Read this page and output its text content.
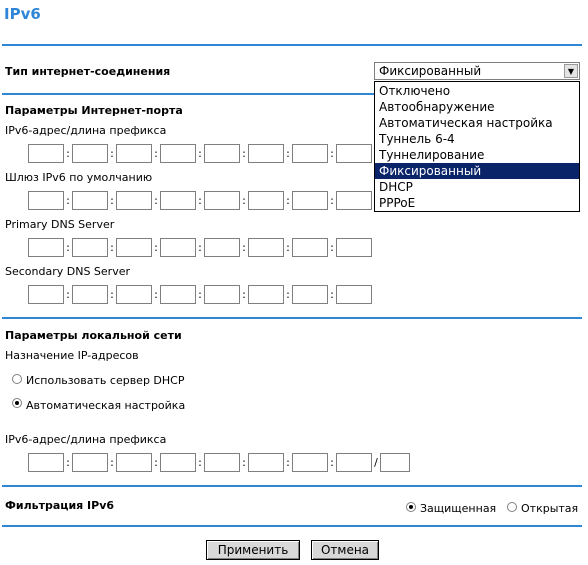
IPv6
Тип интернет-соединения	Фиксированный	▼
Параметры Интернет-порта
IPv6-адрес/длина префикса
:	:	:	:	:	:	:
Шлюз IPv6 по умолчанию
:	:	:	:	:	:	:
Primary DNS Server
:	:	:	:	:	:	:
Secondary DNS Server
:	:	:	:	:	:	:
Параметры локальной сети
Назначение IP-адресов
Использовать сервер DHCP
Автоматическая настройка
IPv6-адрес/длина префикса
:	:	:	:	:	:	:	/
Фильтрация IPv6	Защищенная Открытая
Применить	Отмена
Отключено
Автообнаружение
Автоматическая настройка
Туннель 6-4
Туннелирование
Фиксированный
DHCP
PPPoE
